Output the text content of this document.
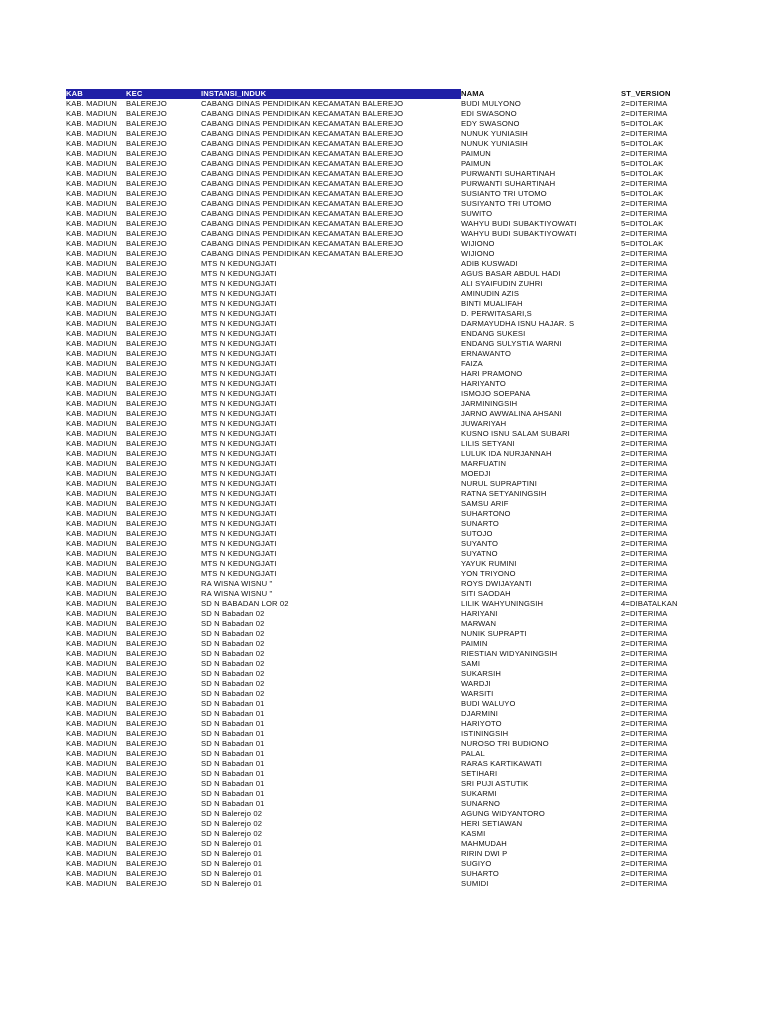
KAB	KEC	INSTANSI_INDUK	NAMA	ST_VERSION
KAB. MADIUN	BALEREJO	CABANG DINAS PENDIDIKAN KECAMATAN BALEREJO	BUDI MULYONO	2=DITERIMA
KAB. MADIUN	BALEREJO	CABANG DINAS PENDIDIKAN KECAMATAN BALEREJO	EDI SWASONO	2=DITERIMA
KAB. MADIUN	BALEREJO	CABANG DINAS PENDIDIKAN KECAMATAN BALEREJO	EDY SWASONO	5=DITOLAK
KAB. MADIUN	BALEREJO	CABANG DINAS PENDIDIKAN KECAMATAN BALEREJO	NUNUK YUNIASIH	2=DITERIMA
KAB. MADIUN	BALEREJO	CABANG DINAS PENDIDIKAN KECAMATAN BALEREJO	NUNUK YUNIASIH	5=DITOLAK
KAB. MADIUN	BALEREJO	CABANG DINAS PENDIDIKAN KECAMATAN BALEREJO	PAIMUN	2=DITERIMA
KAB. MADIUN	BALEREJO	CABANG DINAS PENDIDIKAN KECAMATAN BALEREJO	PAIMUN	5=DITOLAK
KAB. MADIUN	BALEREJO	CABANG DINAS PENDIDIKAN KECAMATAN BALEREJO	PURWANTI SUHARTINAH	5=DITOLAK
KAB. MADIUN	BALEREJO	CABANG DINAS PENDIDIKAN KECAMATAN BALEREJO	PURWANTI SUHARTINAH	2=DITERIMA
KAB. MADIUN	BALEREJO	CABANG DINAS PENDIDIKAN KECAMATAN BALEREJO	SUSIANTO TRI UTOMO	5=DITOLAK
KAB. MADIUN	BALEREJO	CABANG DINAS PENDIDIKAN KECAMATAN BALEREJO	SUSIYANTO TRI UTOMO	2=DITERIMA
KAB. MADIUN	BALEREJO	CABANG DINAS PENDIDIKAN KECAMATAN BALEREJO	SUWITO	2=DITERIMA
KAB. MADIUN	BALEREJO	CABANG DINAS PENDIDIKAN KECAMATAN BALEREJO	WAHYU BUDI SUBAKTIYOWATI	5=DITOLAK
KAB. MADIUN	BALEREJO	CABANG DINAS PENDIDIKAN KECAMATAN BALEREJO	WAHYU BUDI SUBAKTIYOWATI	2=DITERIMA
KAB. MADIUN	BALEREJO	CABANG DINAS PENDIDIKAN KECAMATAN BALEREJO	WIJIONO	5=DITOLAK
KAB. MADIUN	BALEREJO	CABANG DINAS PENDIDIKAN KECAMATAN BALEREJO	WIJIONO	2=DITERIMA
KAB. MADIUN	BALEREJO	MTS N KEDUNGJATI	ADIB KUSWADI	2=DITERIMA
KAB. MADIUN	BALEREJO	MTS N KEDUNGJATI	AGUS BASAR ABDUL HADI	2=DITERIMA
KAB. MADIUN	BALEREJO	MTS N KEDUNGJATI	ALI SYAIFUDIN ZUHRI	2=DITERIMA
KAB. MADIUN	BALEREJO	MTS N KEDUNGJATI	AMINUDIN AZIS	2=DITERIMA
KAB. MADIUN	BALEREJO	MTS N KEDUNGJATI	BINTI MUALIFAH	2=DITERIMA
KAB. MADIUN	BALEREJO	MTS N KEDUNGJATI	D. PERWITASARI,S	2=DITERIMA
KAB. MADIUN	BALEREJO	MTS N KEDUNGJATI	DARMAYUDHA ISNU HAJAR. S	2=DITERIMA
KAB. MADIUN	BALEREJO	MTS N KEDUNGJATI	ENDANG SUKESI	2=DITERIMA
KAB. MADIUN	BALEREJO	MTS N KEDUNGJATI	ENDANG SULYSTIA WARNI	2=DITERIMA
KAB. MADIUN	BALEREJO	MTS N KEDUNGJATI	ERNAWANTO	2=DITERIMA
KAB. MADIUN	BALEREJO	MTS N KEDUNGJATI	FAIZA	2=DITERIMA
KAB. MADIUN	BALEREJO	MTS N KEDUNGJATI	HARI PRAMONO	2=DITERIMA
KAB. MADIUN	BALEREJO	MTS N KEDUNGJATI	HARIYANTO	2=DITERIMA
KAB. MADIUN	BALEREJO	MTS N KEDUNGJATI	ISMOJO SOEPANA	2=DITERIMA
KAB. MADIUN	BALEREJO	MTS N KEDUNGJATI	JARMININGSIH	2=DITERIMA
KAB. MADIUN	BALEREJO	MTS N KEDUNGJATI	JARNO AWWALINA AHSANI	2=DITERIMA
KAB. MADIUN	BALEREJO	MTS N KEDUNGJATI	JUWARIYAH	2=DITERIMA
KAB. MADIUN	BALEREJO	MTS N KEDUNGJATI	KUSNO ISNU SALAM SUBARI	2=DITERIMA
KAB. MADIUN	BALEREJO	MTS N KEDUNGJATI	LILIS SETYANI	2=DITERIMA
KAB. MADIUN	BALEREJO	MTS N KEDUNGJATI	LULUK IDA NURJANNAH	2=DITERIMA
KAB. MADIUN	BALEREJO	MTS N KEDUNGJATI	MARFUATIN	2=DITERIMA
KAB. MADIUN	BALEREJO	MTS N KEDUNGJATI	MOEDJI	2=DITERIMA
KAB. MADIUN	BALEREJO	MTS N KEDUNGJATI	NURUL SUPRAPTINI	2=DITERIMA
KAB. MADIUN	BALEREJO	MTS N KEDUNGJATI	RATNA SETYANINGSIH	2=DITERIMA
KAB. MADIUN	BALEREJO	MTS N KEDUNGJATI	SAMSU ARIF	2=DITERIMA
KAB. MADIUN	BALEREJO	MTS N KEDUNGJATI	SUHARTONO	2=DITERIMA
KAB. MADIUN	BALEREJO	MTS N KEDUNGJATI	SUNARTO	2=DITERIMA
KAB. MADIUN	BALEREJO	MTS N KEDUNGJATI	SUTOJO	2=DITERIMA
KAB. MADIUN	BALEREJO	MTS N KEDUNGJATI	SUYANTO	2=DITERIMA
KAB. MADIUN	BALEREJO	MTS N KEDUNGJATI	SUYATNO	2=DITERIMA
KAB. MADIUN	BALEREJO	MTS N KEDUNGJATI	YAYUK RUMINI	2=DITERIMA
KAB. MADIUN	BALEREJO	MTS N KEDUNGJATI	YON TRIYONO	2=DITERIMA
KAB. MADIUN	BALEREJO	RA WISNA WISNU "	ROYS DWIJAYANTI	2=DITERIMA
KAB. MADIUN	BALEREJO	RA WISNA WISNU "	SITI SAODAH	2=DITERIMA
KAB. MADIUN	BALEREJO	SD N BABADAN LOR 02	LILIK WAHYUNINGSIH	4=DIBATALKAN
KAB. MADIUN	BALEREJO	SD N Babadan 02	HARIYANI	2=DITERIMA
KAB. MADIUN	BALEREJO	SD N Babadan 02	MARWAN	2=DITERIMA
KAB. MADIUN	BALEREJO	SD N Babadan 02	NUNIK SUPRAPTI	2=DITERIMA
KAB. MADIUN	BALEREJO	SD N Babadan 02	PAIMIN	2=DITERIMA
KAB. MADIUN	BALEREJO	SD N Babadan 02	RIESTIAN WIDYANINGSIH	2=DITERIMA
KAB. MADIUN	BALEREJO	SD N Babadan 02	SAMI	2=DITERIMA
KAB. MADIUN	BALEREJO	SD N Babadan 02	SUKARSIH	2=DITERIMA
KAB. MADIUN	BALEREJO	SD N Babadan 02	WARDJI	2=DITERIMA
KAB. MADIUN	BALEREJO	SD N Babadan 02	WARSITI	2=DITERIMA
KAB. MADIUN	BALEREJO	SD N Babadan 01	BUDI WALUYO	2=DITERIMA
KAB. MADIUN	BALEREJO	SD N Babadan 01	DJARMINI	2=DITERIMA
KAB. MADIUN	BALEREJO	SD N Babadan 01	HARIYOTO	2=DITERIMA
KAB. MADIUN	BALEREJO	SD N Babadan 01	ISTININGSIH	2=DITERIMA
KAB. MADIUN	BALEREJO	SD N Babadan 01	NUROSO TRI BUDIONO	2=DITERIMA
KAB. MADIUN	BALEREJO	SD N Babadan 01	PALAL	2=DITERIMA
KAB. MADIUN	BALEREJO	SD N Babadan 01	RARAS KARTIKAWATI	2=DITERIMA
KAB. MADIUN	BALEREJO	SD N Babadan 01	SETIHARI	2=DITERIMA
KAB. MADIUN	BALEREJO	SD N Babadan 01	SRI PUJI ASTUTIK	2=DITERIMA
KAB. MADIUN	BALEREJO	SD N Babadan 01	SUKARMI	2=DITERIMA
KAB. MADIUN	BALEREJO	SD N Babadan 01	SUNARNO	2=DITERIMA
KAB. MADIUN	BALEREJO	SD N Balerejo 02	AGUNG WIDYANTORO	2=DITERIMA
KAB. MADIUN	BALEREJO	SD N Balerejo 02	HERI SETIAWAN	2=DITERIMA
KAB. MADIUN	BALEREJO	SD N Balerejo 02	KASMI	2=DITERIMA
KAB. MADIUN	BALEREJO	SD N Balerejo 01	MAHMUDAH	2=DITERIMA
KAB. MADIUN	BALEREJO	SD N Balerejo 01	RIRIN DWI P	2=DITERIMA
KAB. MADIUN	BALEREJO	SD N Balerejo 01	SUGIYO	2=DITERIMA
KAB. MADIUN	BALEREJO	SD N Balerejo 01	SUHARTO	2=DITERIMA
KAB. MADIUN	BALEREJO	SD N Balerejo 01	SUMIDI	2=DITERIMA
